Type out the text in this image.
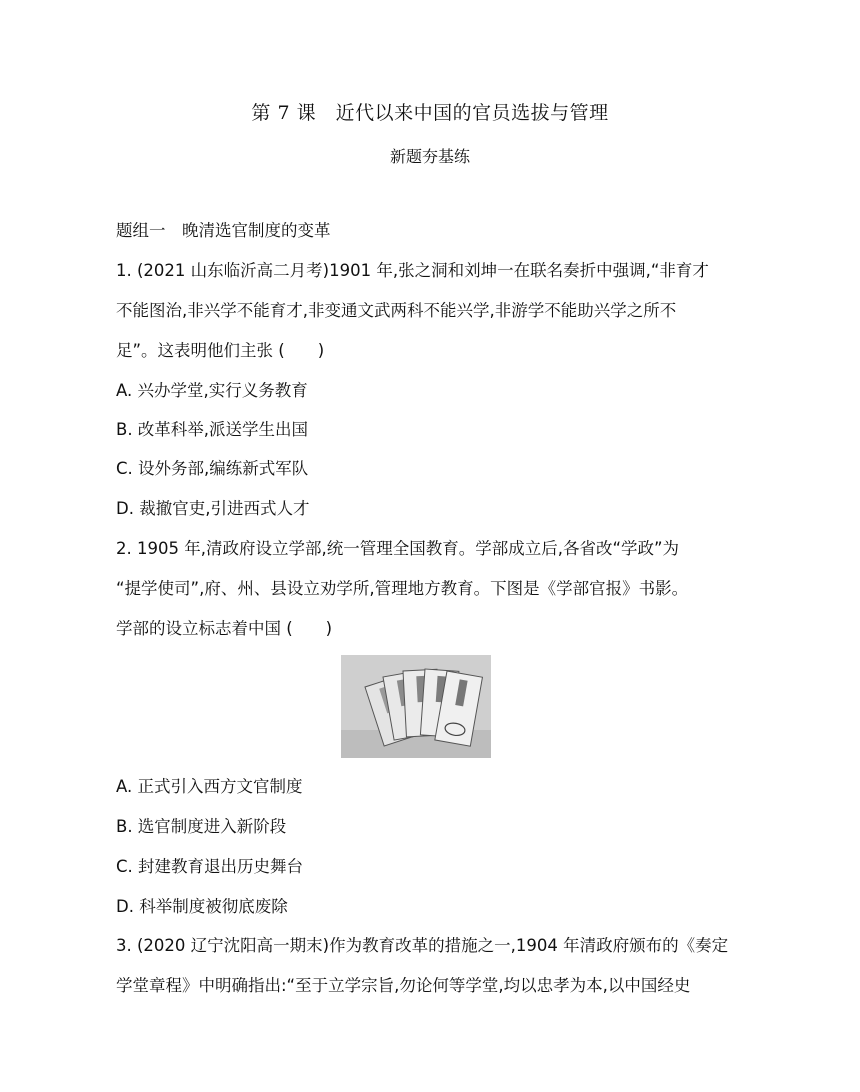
第 7 课　近代以来中国的官员选拔与管理
新题夯基练
题组一　晚清选官制度的变革
1. (2021 山东临沂高二月考)1901 年,张之洞和刘坤一在联名奏折中强调,“非育才
不能图治,非兴学不能育才,非变通文武两科不能兴学,非游学不能助兴学之所不
足”。这表明他们主张 (　　)
A. 兴办学堂,实行义务教育
B. 改革科举,派送学生出国
C. 设外务部,编练新式军队
D. 裁撤官吏,引进西式人才
2. 1905 年,清政府设立学部,统一管理全国教育。学部成立后,各省改“学政”为
“提学使司”,府、州、县设立劝学所,管理地方教育。下图是《学部官报》书影。
学部的设立标志着中国 (　　)
A. 正式引入西方文官制度
B. 选官制度进入新阶段
C. 封建教育退出历史舞台
D. 科举制度被彻底废除
3. (2020 辽宁沈阳高一期末)作为教育改革的措施之一,1904 年清政府颁布的《奏定
学堂章程》中明确指出:“至于立学宗旨,勿论何等学堂,均以忠孝为本,以中国经史
